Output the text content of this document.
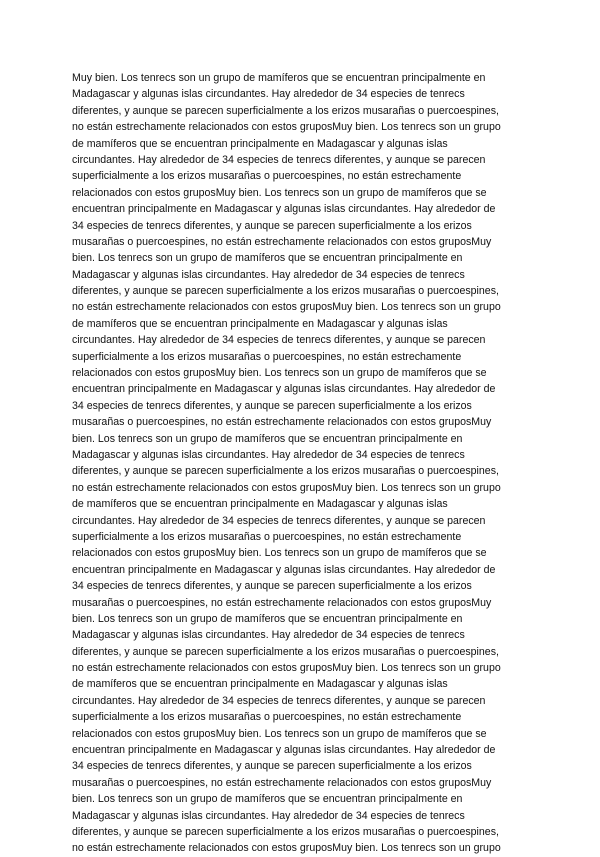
Muy bien. Los tenrecs son un grupo de mamíferos que se encuentran principalmente en
Madagascar y algunas islas circundantes. Hay alrededor de 34 especies de tenrecs
diferentes, y aunque se parecen superficialmente a los erizos musarañas o puercoespines,
no están estrechamente relacionados con estos gruposMuy bien. Los tenrecs son un grupo
de mamíferos que se encuentran principalmente en Madagascar y algunas islas
circundantes. Hay alrededor de 34 especies de tenrecs diferentes, y aunque se parecen
superficialmente a los erizos musarañas o puercoespines, no están estrechamente
relacionados con estos gruposMuy bien. Los tenrecs son un grupo de mamíferos que se
encuentran principalmente en Madagascar y algunas islas circundantes. Hay alrededor de
34 especies de tenrecs diferentes, y aunque se parecen superficialmente a los erizos
musarañas o puercoespines, no están estrechamente relacionados con estos gruposMuy
bien. Los tenrecs son un grupo de mamíferos que se encuentran principalmente en
Madagascar y algunas islas circundantes. Hay alrededor de 34 especies de tenrecs
diferentes, y aunque se parecen superficialmente a los erizos musarañas o puercoespines,
no están estrechamente relacionados con estos gruposMuy bien. Los tenrecs son un grupo
de mamíferos que se encuentran principalmente en Madagascar y algunas islas
circundantes. Hay alrededor de 34 especies de tenrecs diferentes, y aunque se parecen
superficialmente a los erizos musarañas o puercoespines, no están estrechamente
relacionados con estos gruposMuy bien. Los tenrecs son un grupo de mamíferos que se
encuentran principalmente en Madagascar y algunas islas circundantes. Hay alrededor de
34 especies de tenrecs diferentes, y aunque se parecen superficialmente a los erizos
musarañas o puercoespines, no están estrechamente relacionados con estos gruposMuy
bien. Los tenrecs son un grupo de mamíferos que se encuentran principalmente en
Madagascar y algunas islas circundantes. Hay alrededor de 34 especies de tenrecs
diferentes, y aunque se parecen superficialmente a los erizos musarañas o puercoespines,
no están estrechamente relacionados con estos gruposMuy bien. Los tenrecs son un grupo
de mamíferos que se encuentran principalmente en Madagascar y algunas islas
circundantes. Hay alrededor de 34 especies de tenrecs diferentes, y aunque se parecen
superficialmente a los erizos musarañas o puercoespines, no están estrechamente
relacionados con estos gruposMuy bien. Los tenrecs son un grupo de mamíferos que se
encuentran principalmente en Madagascar y algunas islas circundantes. Hay alrededor de
34 especies de tenrecs diferentes, y aunque se parecen superficialmente a los erizos
musarañas o puercoespines, no están estrechamente relacionados con estos gruposMuy
bien. Los tenrecs son un grupo de mamíferos que se encuentran principalmente en
Madagascar y algunas islas circundantes. Hay alrededor de 34 especies de tenrecs
diferentes, y aunque se parecen superficialmente a los erizos musarañas o puercoespines,
no están estrechamente relacionados con estos gruposMuy bien. Los tenrecs son un grupo
de mamíferos que se encuentran principalmente en Madagascar y algunas islas
circundantes. Hay alrededor de 34 especies de tenrecs diferentes, y aunque se parecen
superficialmente a los erizos musarañas o puercoespines, no están estrechamente
relacionados con estos gruposMuy bien. Los tenrecs son un grupo de mamíferos que se
encuentran principalmente en Madagascar y algunas islas circundantes. Hay alrededor de
34 especies de tenrecs diferentes, y aunque se parecen superficialmente a los erizos
musarañas o puercoespines, no están estrechamente relacionados con estos gruposMuy
bien. Los tenrecs son un grupo de mamíferos que se encuentran principalmente en
Madagascar y algunas islas circundantes. Hay alrededor de 34 especies de tenrecs
diferentes, y aunque se parecen superficialmente a los erizos musarañas o puercoespines,
no están estrechamente relacionados con estos gruposMuy bien. Los tenrecs son un grupo
